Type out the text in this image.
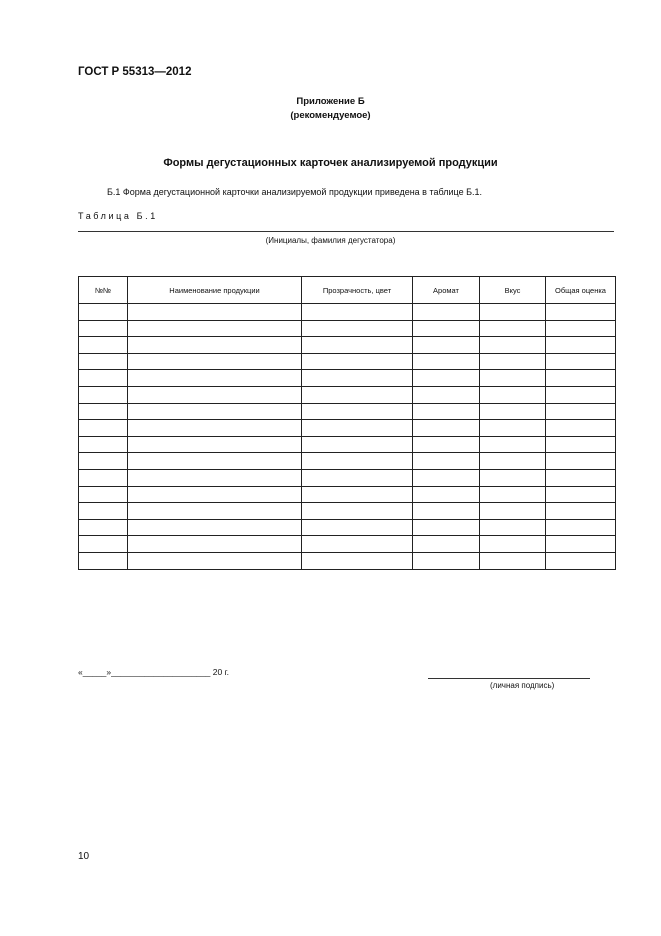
ГОСТ Р 55313—2012
Приложение Б
(рекомендуемое)
Формы дегустационных карточек анализируемой продукции
Б.1 Форма дегустационной карточки анализируемой продукции приведена в таблице Б.1.
Таблица Б.1
(Инициалы, фамилия дегустатора)
№№	Наименование продукции	Прозрачность, цвет	Аромат	Вкус	Общая оценка

«_____»_____________________ 20 г.
(личная подпись)
10
